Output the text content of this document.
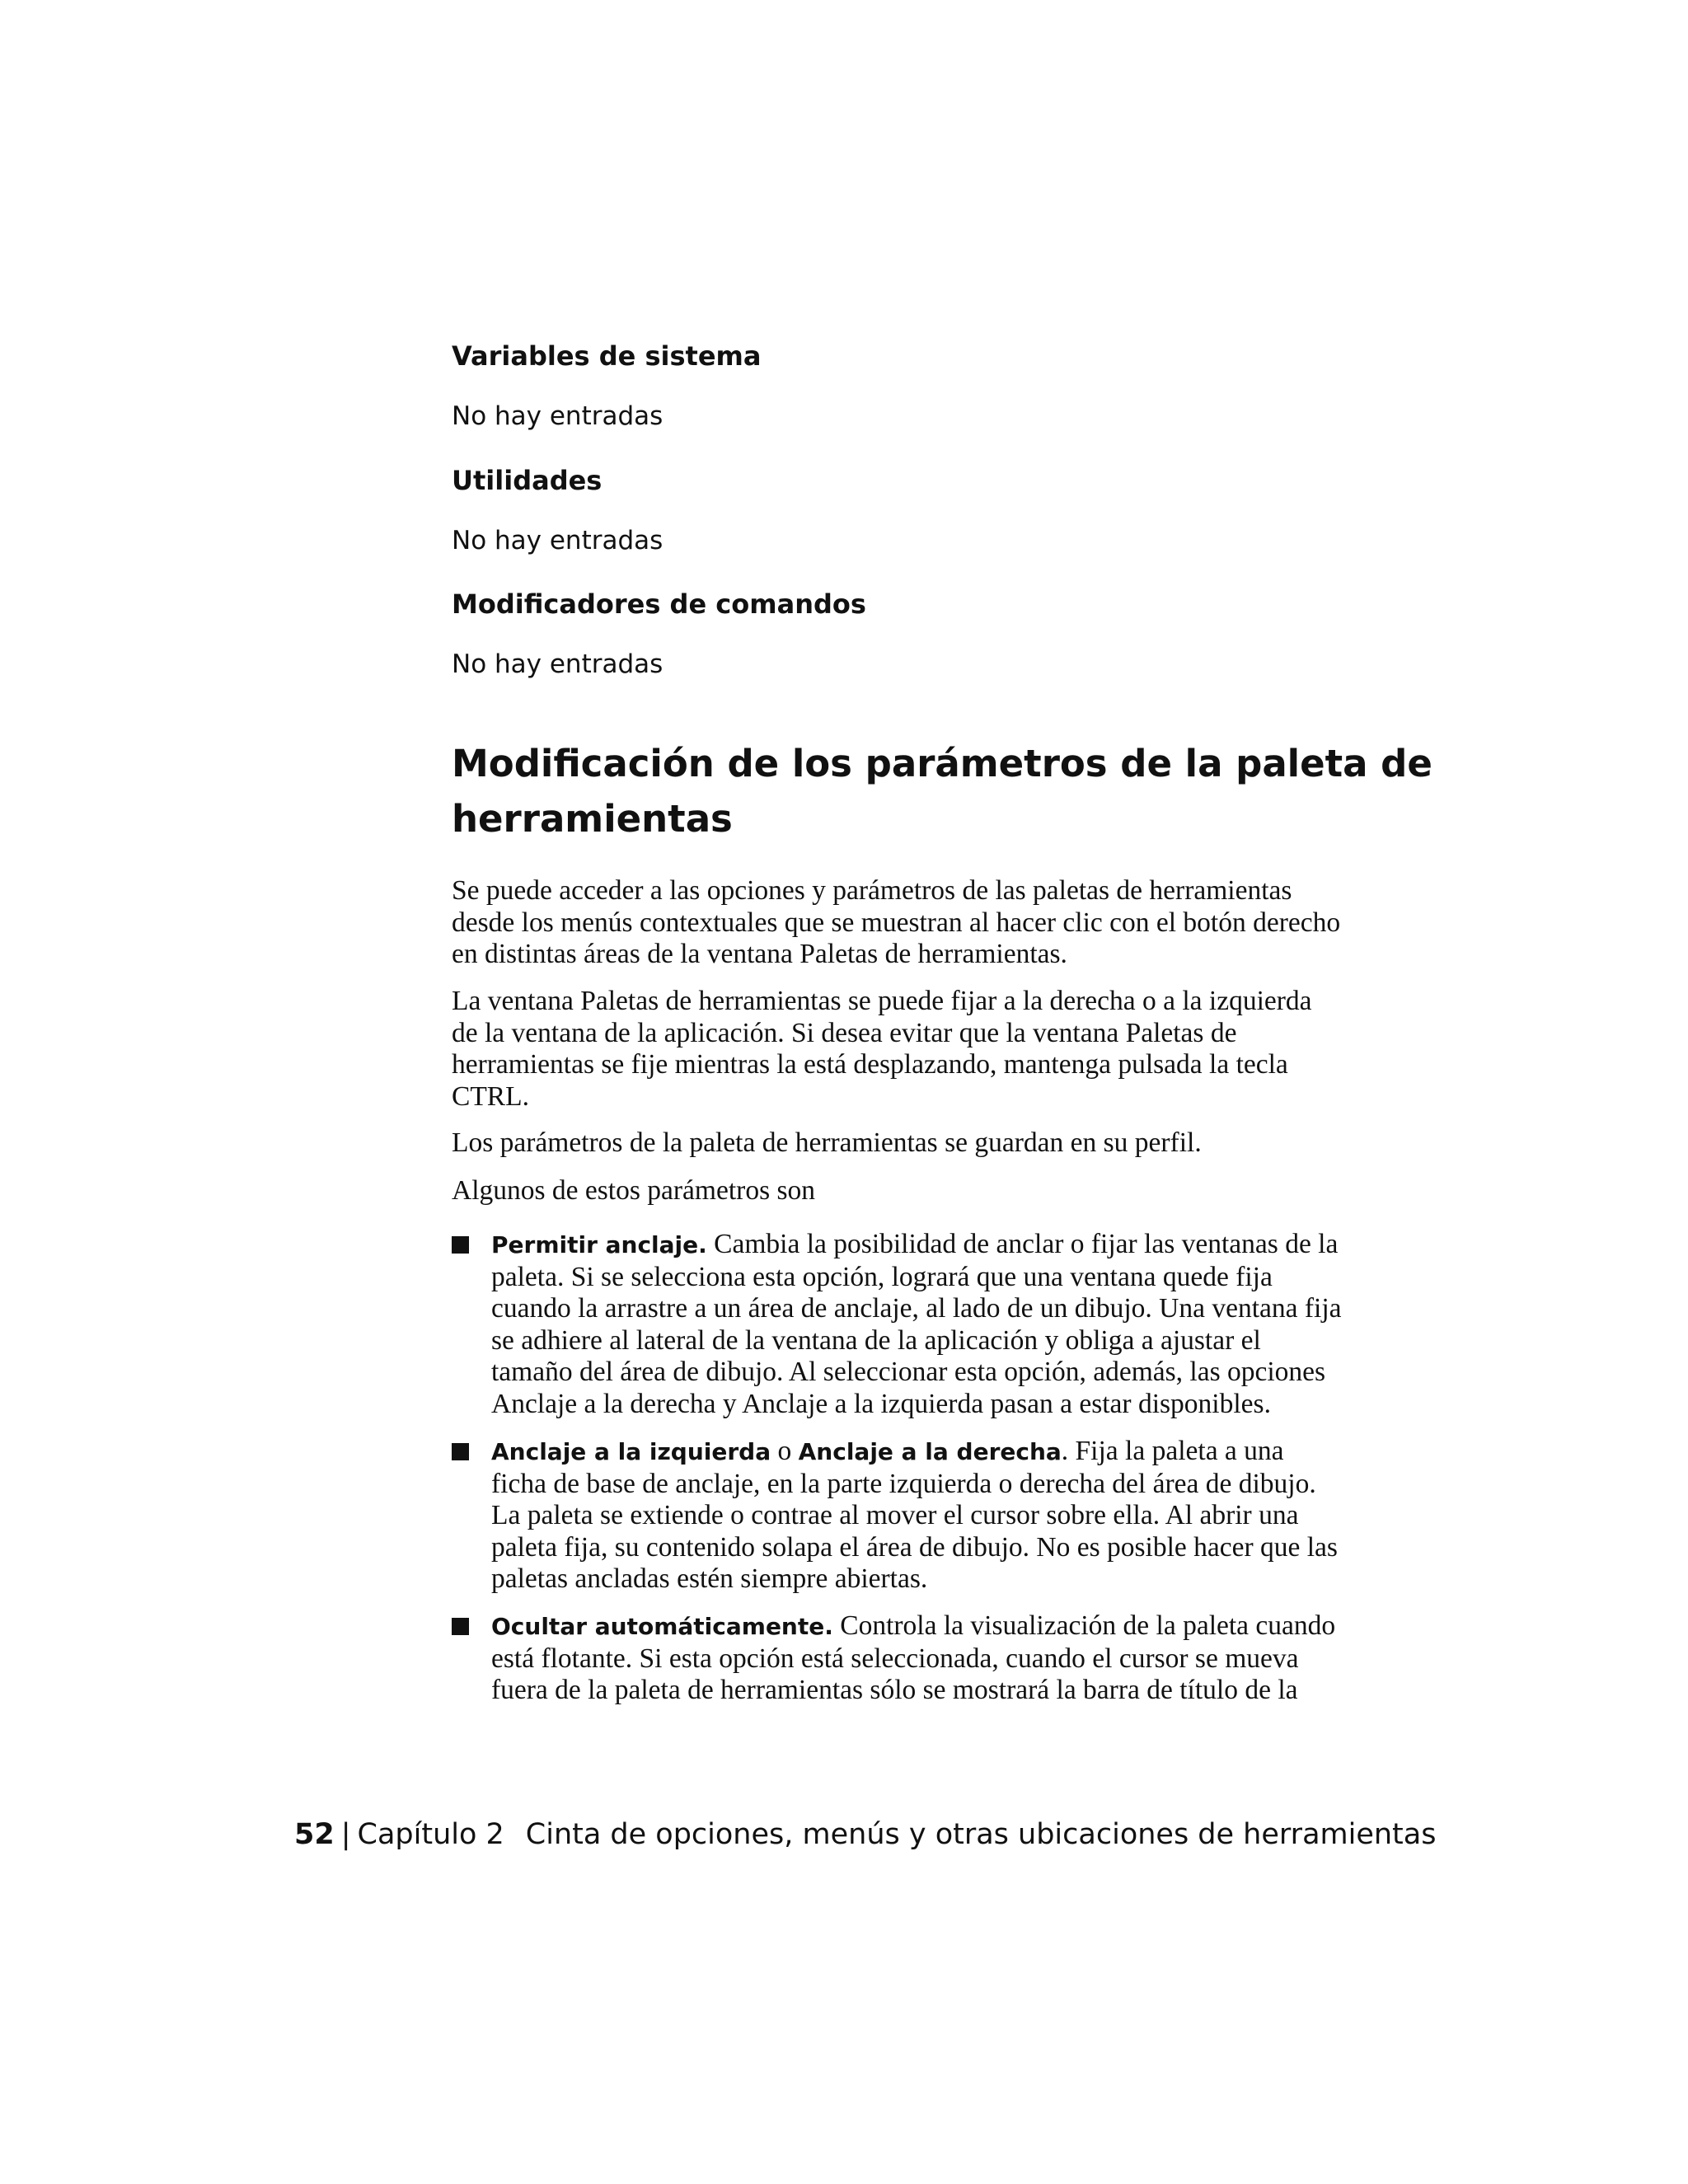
Variables de sistema

No hay entradas

Utilidades

No hay entradas

Modificadores de comandos

No hay entradas

Modificación de los parámetros de la paleta de herramientas

Se puede acceder a las opciones y parámetros de las paletas de herramientas desde los menús contextuales que se muestran al hacer clic con el botón derecho en distintas áreas de la ventana Paletas de herramientas.

La ventana Paletas de herramientas se puede fijar a la derecha o a la izquierda de la ventana de la aplicación. Si desea evitar que la ventana Paletas de herramientas se fije mientras la está desplazando, mantenga pulsada la tecla CTRL.

Los parámetros de la paleta de herramientas se guardan en su perfil.

Algunos de estos parámetros son

Permitir anclaje. Cambia la posibilidad de anclar o fijar las ventanas de la paleta. Si se selecciona esta opción, logrará que una ventana quede fija cuando la arrastre a un área de anclaje, al lado de un dibujo. Una ventana fija se adhiere al lateral de la ventana de la aplicación y obliga a ajustar el tamaño del área de dibujo. Al seleccionar esta opción, además, las opciones Anclaje a la derecha y Anclaje a la izquierda pasan a estar disponibles.

Anclaje a la izquierda o Anclaje a la derecha. Fija la paleta a una ficha de base de anclaje, en la parte izquierda o derecha del área de dibujo. La paleta se extiende o contrae al mover el cursor sobre ella. Al abrir una paleta fija, su contenido solapa el área de dibujo. No es posible hacer que las paletas ancladas estén siempre abiertas.

Ocultar automáticamente. Controla la visualización de la paleta cuando está flotante. Si esta opción está seleccionada, cuando el cursor se mueva fuera de la paleta de herramientas sólo se mostrará la barra de título de la

52 | Capítulo 2 Cinta de opciones, menús y otras ubicaciones de herramientas
